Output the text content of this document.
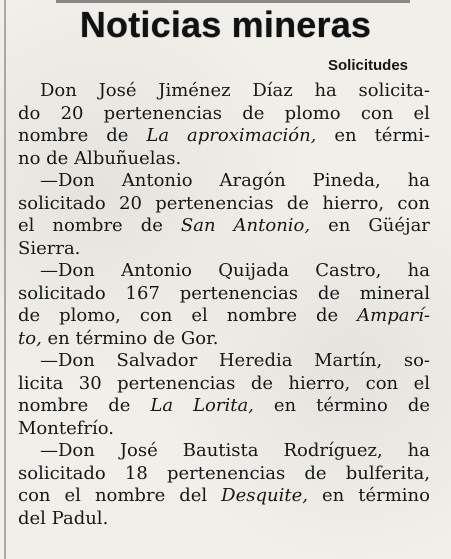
Noticias mineras
Solicitudes
Don José Jiménez Díaz ha solicita-
do 20 pertenencias de plomo con el
nombre de La aproximación, en térmi-
no de Albuñuelas.
—Don Antonio Aragón Pineda, ha
solicitado 20 pertenencias de hierro, con
el nombre de San Antonio, en Güéjar
Sierra.
—Don Antonio Quijada Castro, ha
solicitado 167 pertenencias de mineral
de plomo, con el nombre de Amparí-
to, en término de Gor.
—Don Salvador Heredia Martín, so-
licita 30 pertenencias de hierro, con el
nombre de La Lorita, en término de
Montefrío.
—Don José Bautista Rodríguez, ha
solicitado 18 pertenencias de bulferita,
con el nombre del Desquite, en término
del Padul.
